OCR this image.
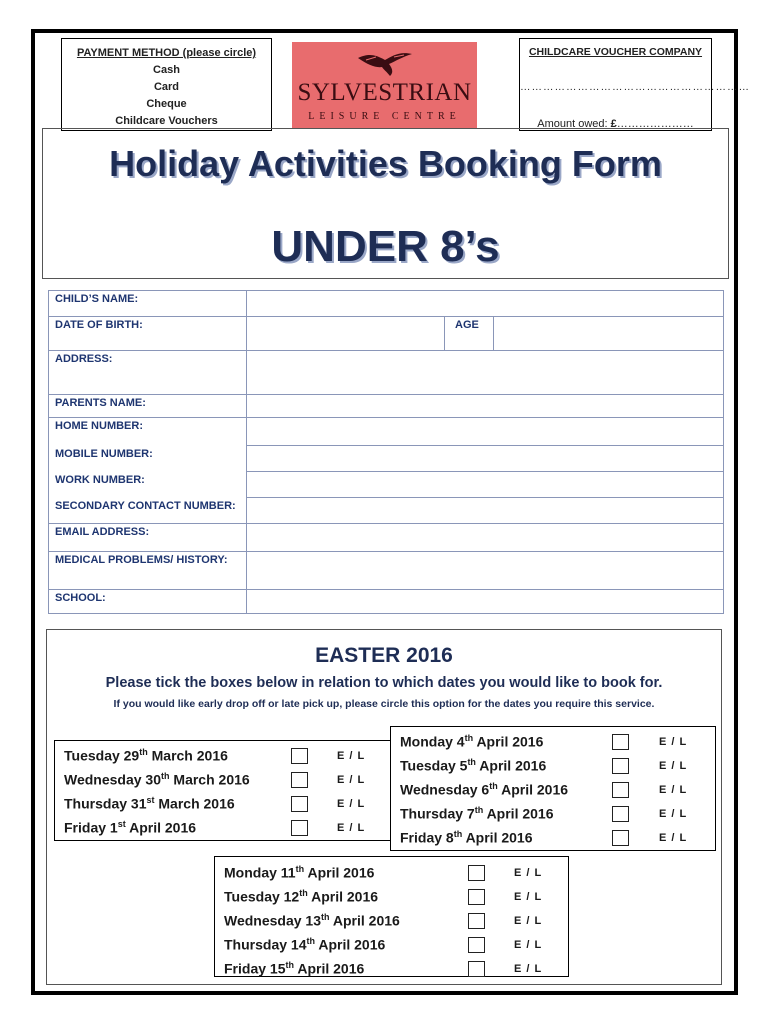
PAYMENT METHOD (please circle)
Cash
Card
Cheque
Childcare Vouchers
SYLVESTRIAN
LEISURE CENTRE
CHILDCARE VOUCHER COMPANY
……………………………………………………
Amount owed: £…………………
Holiday Activities Booking Form
UNDER 8’s
CHILD’S NAME:			
DATE OF BIRTH:		AGE	
ADDRESS:			
PARENTS NAME:			
HOME NUMBER:			
MOBILE NUMBER:			
WORK NUMBER:			
SECONDARY CONTACT NUMBER:			
EMAIL ADDRESS:			
MEDICAL PROBLEMS/ HISTORY:			
SCHOOL:			
EASTER 2016
Please tick the boxes below in relation to which dates you would like to book for.
If you would like early drop off or late pick up, please circle this option for the dates you require this service.
Tuesday 29th March 2016	E / L
Wednesday 30th March 2016	E / L
Thursday 31st March 2016	E / L
Friday 1st April 2016	E / L
Monday 4th April 2016	E / L
Tuesday 5th April 2016	E / L
Wednesday 6th April 2016	E / L
Thursday 7th April 2016	E / L
Friday 8th April 2016	E / L
Monday 11th April 2016	E / L
Tuesday 12th April 2016	E / L
Wednesday 13th April 2016	E / L
Thursday 14th April 2016	E / L
Friday 15th April 2016	E / L
